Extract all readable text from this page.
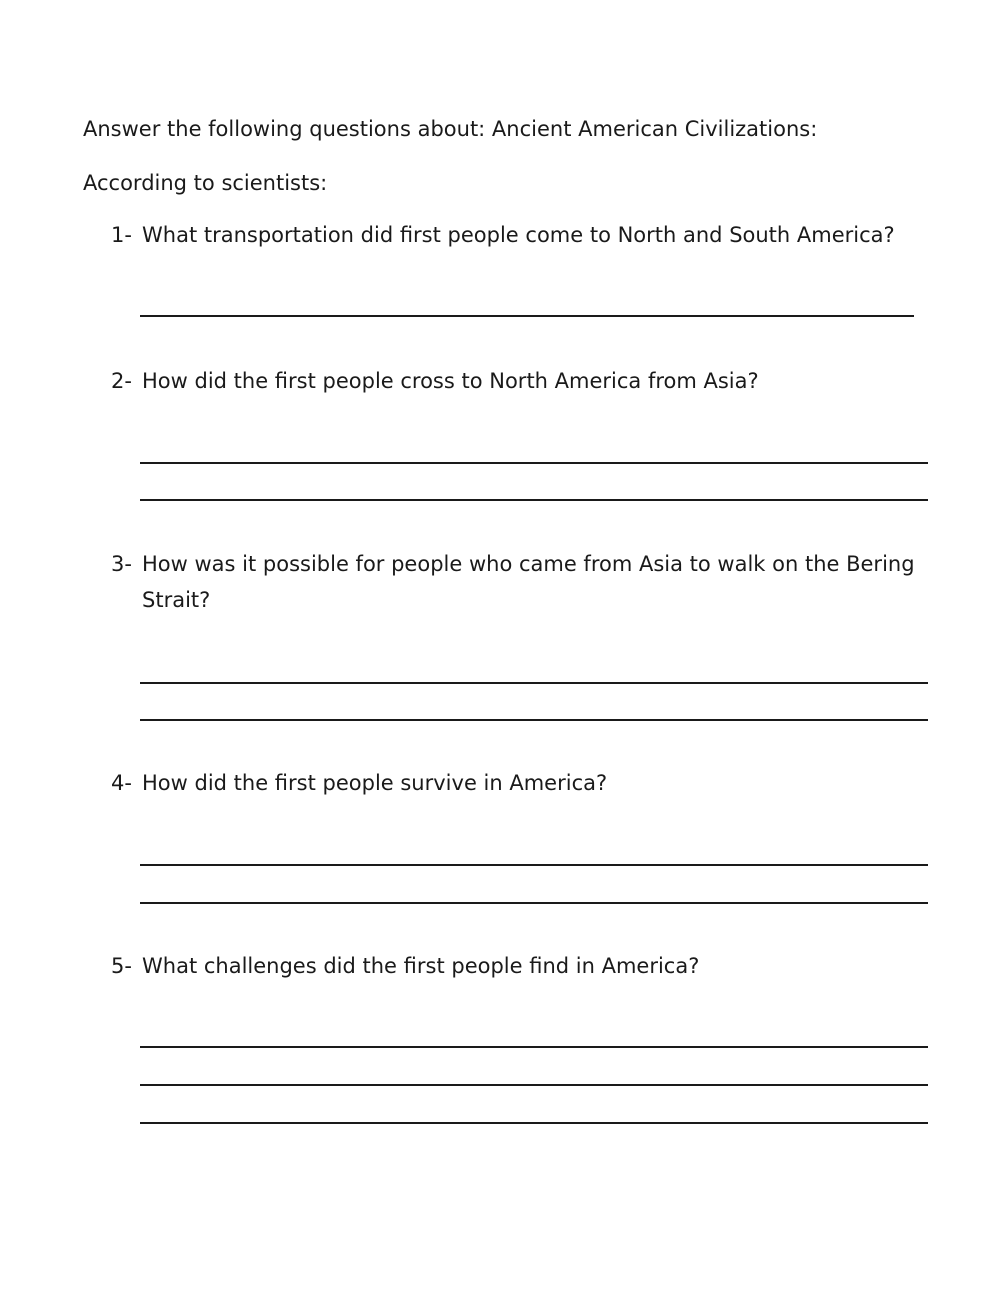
Answer the following questions about: Ancient American Civilizations:
According to scientists:
1- What transportation did first people come to North and South America?
2- How did the first people cross to North America from Asia?
3- How was it possible for people who came from Asia to walk on the Bering Strait?
4- How did the first people survive in America?
5- What challenges did the first people find in America?
